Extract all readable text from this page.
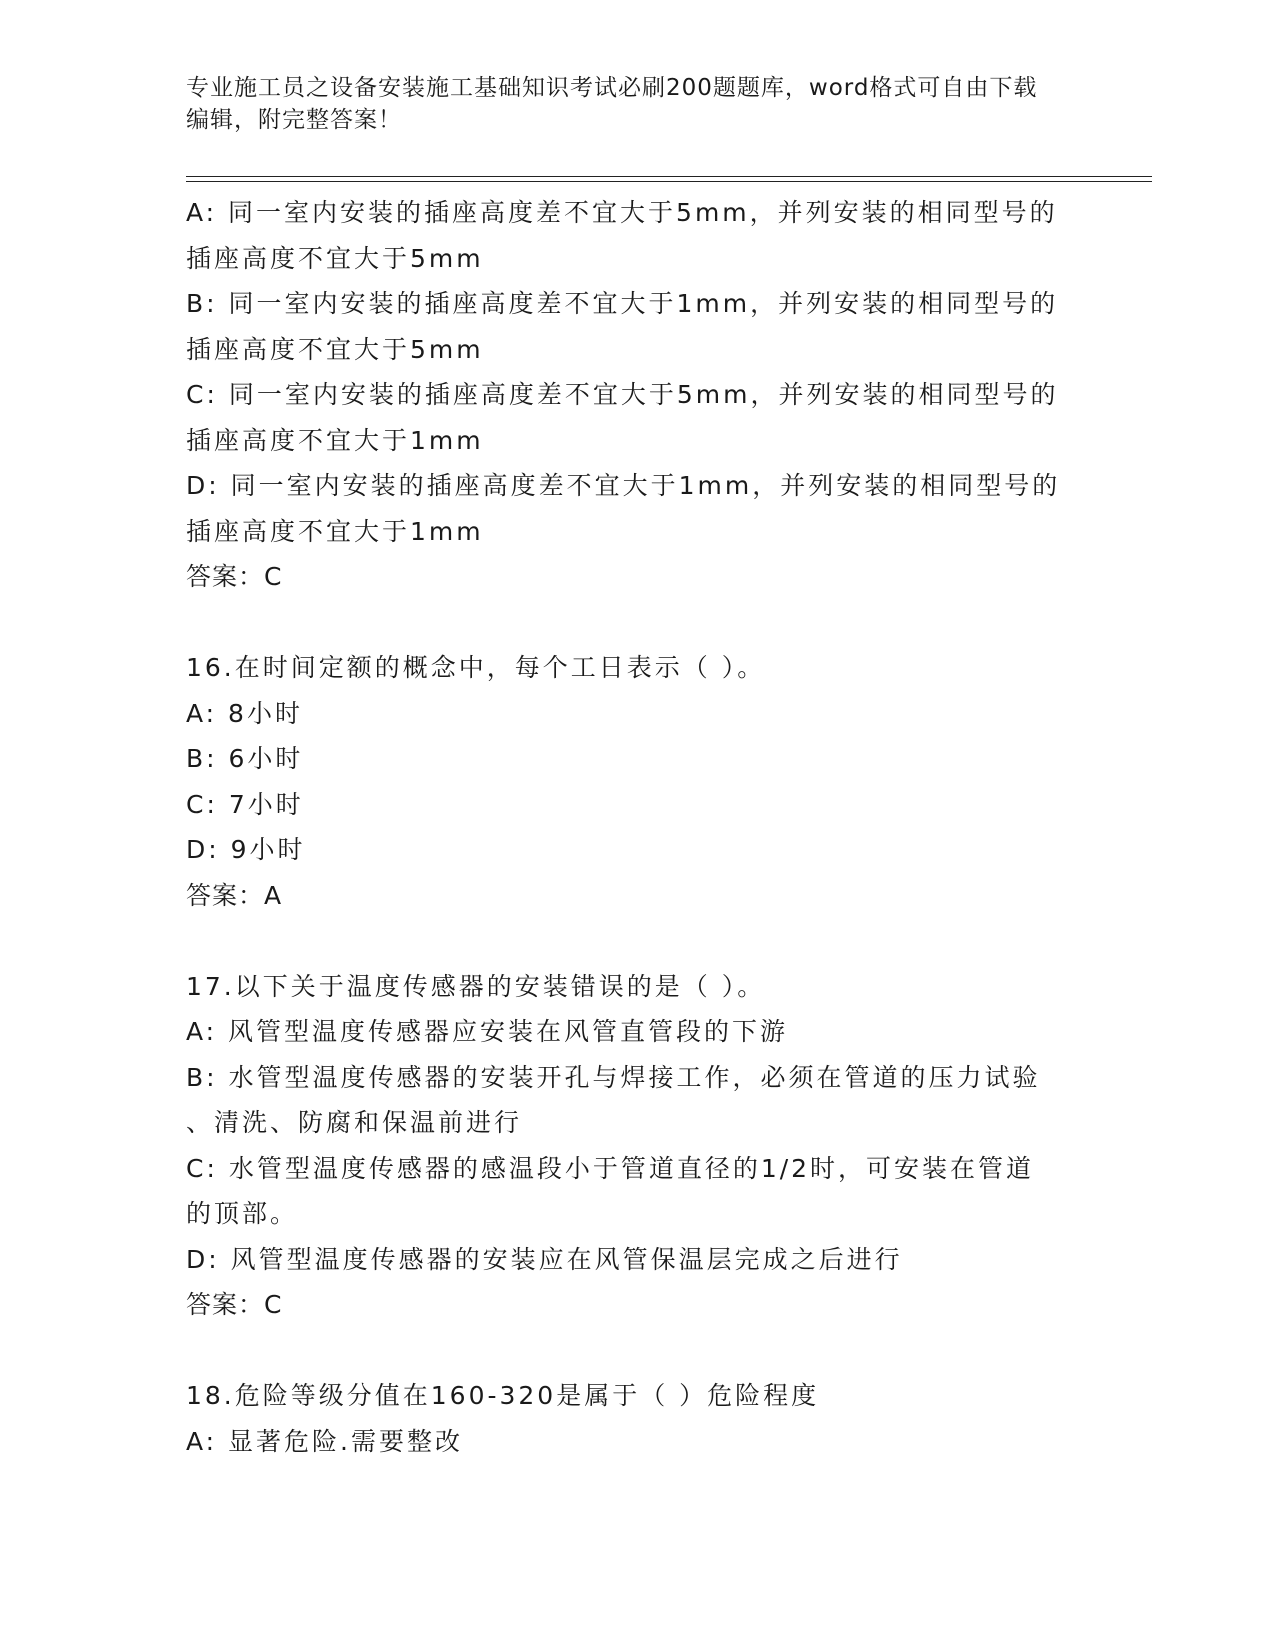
专业施工员之设备安装施工基础知识考试必刷200题题库，word格式可自由下载
编辑，附完整答案！
A: 同一室内安装的插座高度差不宜大于5mm，并列安装的相同型号的
插座高度不宜大于5mm
B: 同一室内安装的插座高度差不宜大于1mm，并列安装的相同型号的
插座高度不宜大于5mm
C: 同一室内安装的插座高度差不宜大于5mm，并列安装的相同型号的
插座高度不宜大于1mm
D: 同一室内安装的插座高度差不宜大于1mm，并列安装的相同型号的
插座高度不宜大于1mm
答案：C
16.在时间定额的概念中，每个工日表示（ ）。
A: 8小时
B: 6小时
C: 7小时
D: 9小时
答案：A
17.以下关于温度传感器的安装错误的是（ ）。
A: 风管型温度传感器应安装在风管直管段的下游
B: 水管型温度传感器的安装开孔与焊接工作，必须在管道的压力试验
、清洗、防腐和保温前进行
C: 水管型温度传感器的感温段小于管道直径的1/2时，可安装在管道
的顶部。
D: 风管型温度传感器的安装应在风管保温层完成之后进行
答案：C
18.危险等级分值在160-320是属于（ ）危险程度
A: 显著危险.需要整改
